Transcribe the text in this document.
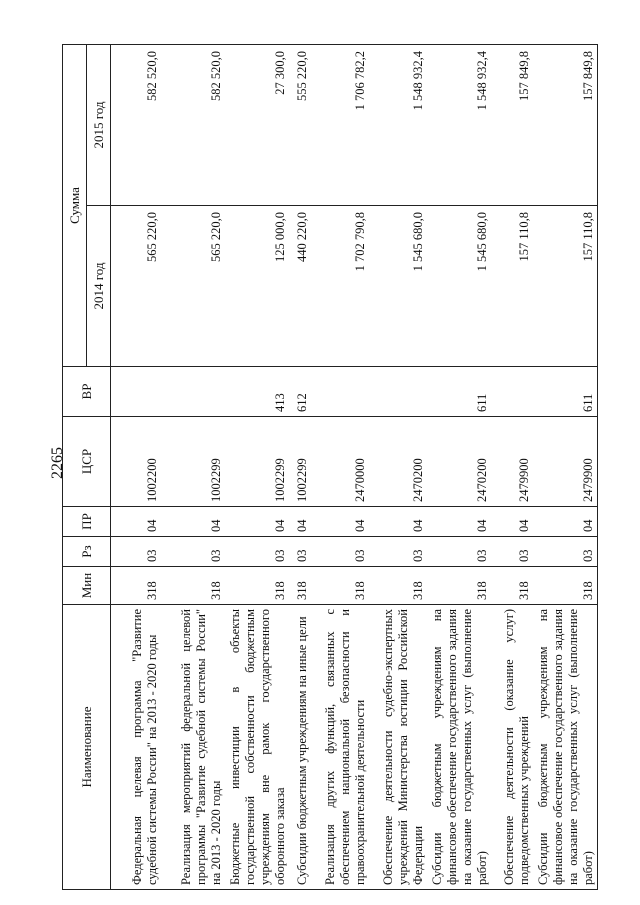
2265
Наименование	Мин	Рз	ПР	ЦСР	ВР	Сумма	
						2014 год	2015 год
Федеральная целевая программа "Развитие судебной системы России" на 2013 - 2020 годы	318	03	04	1002200		565 220,0	582 520,0
Реализация мероприятий федеральной целевой программы "Развитие судебной системы России" на 2013 - 2020 годы	318	03	04	1002299		565 220,0	582 520,0
Бюджетные инвестиции в объекты государственной собственности бюджетным учреждениям вне рамок государственного оборонного заказа	318	03	04	1002299	413	125 000,0	27 300,0
Субсидии бюджетным учреждениям на иные цели	318	03	04	1002299	612	440 220,0	555 220,0
Реализация других функций, связанных с обеспечением национальной безопасности и правоохранительной деятельности	318	03	04	2470000		1 702 790,8	1 706 782,2
Обеспечение деятельности судебно-экспертных учреждений Министерства юстиции Российской Федерации	318	03	04	2470200		1 545 680,0	1 548 932,4
Субсидии бюджетным учреждениям на финансовое обеспечение государственного задания на оказание государственных услуг (выполнение работ)	318	03	04	2470200	611	1 545 680,0	1 548 932,4
Обеспечение деятельности (оказание услуг) подведомственных учреждений	318	03	04	2479900		157 110,8	157 849,8
Субсидии бюджетным учреждениям на финансовое обеспечение государственного задания на оказание государственных услуг (выполнение работ)	318	03	04	2479900	611	157 110,8	157 849,8
